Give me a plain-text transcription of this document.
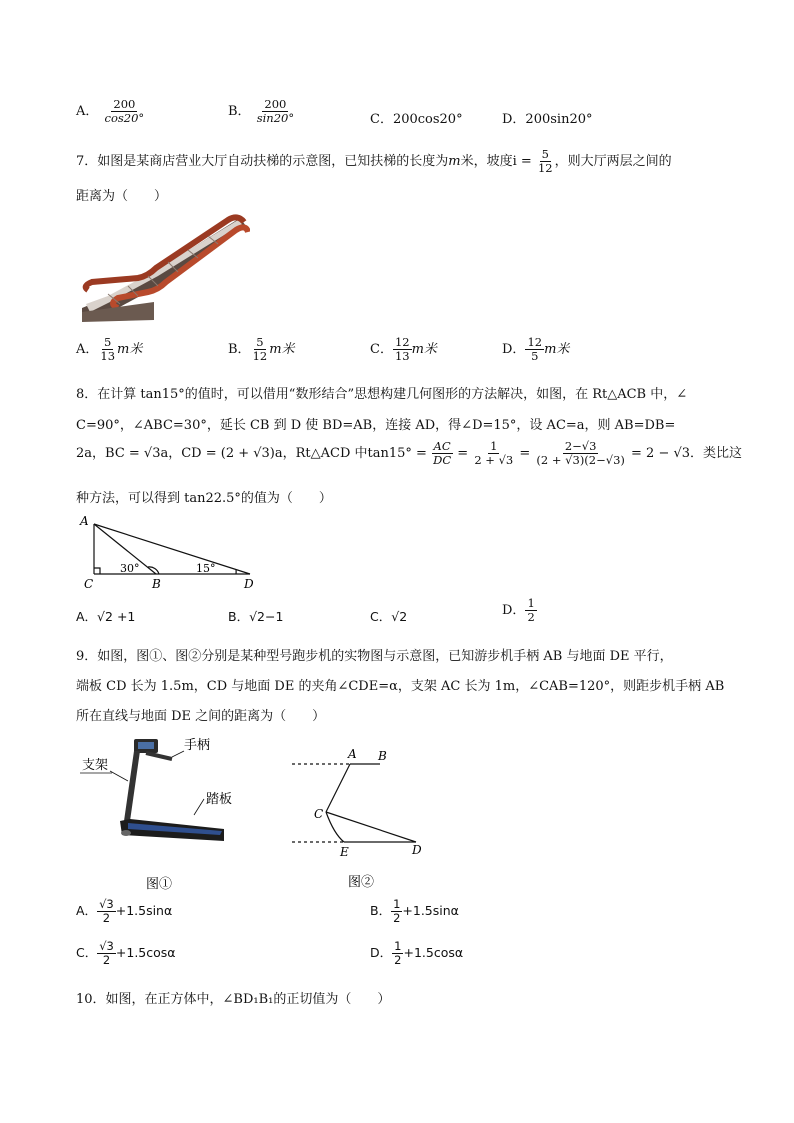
A． $\frac{200}{\cos 20^\circ}$	B． $\frac{200}{\sin 20^\circ}$	C．200cos20°	D．200sin20°
7．如图是某商店营业大厅自动扶梯的示意图，已知扶梯的长度为m米，坡度$i = \frac{5}{12}$ ，则大厅两层之间的
距离为（　　）
A． $\frac{5}{13}$ m米	B． $\frac{5}{12}$ m米	C． $\frac{12}{13}$ m米	D． $\frac{12}{5}$ m米
8．在计算 tan15°的值时，可以借用“数形结合”思想构建几何图形的方法解决，如图，在 Rt△ACB 中，∠
C=90°，∠ABC=30°，延长 CB 到 D 使 BD=AB，连接 AD，得∠D=15°，设 AC=a，则 AB=DB=
2a，BC = √3a，CD = (2 + √3)a，Rt△ACD 中$\tan 15^\circ = \frac{AC}{DC} = \frac{1}{2 + √3} = \frac{2-√3}{(2 + √3)(2-√3)} = 2 - √3$．类比这
种方法，可以得到 tan22.5°的值为（　　）
A
C	B	D
30°	15°
A．√2 +1	B．√2−1	C．√2	D． $\frac{1}{2}$
9．如图，图①、图②分别是某种型号跑步机的实物图与示意图，已知游步机手柄 AB 与地面 DE 平行，
端板 CD 长为 1.5m，CD 与地面 DE 的夹角∠CDE=α，支架 AC 长为 1m，∠CAB=120°，则距步机手柄 AB
所在直线与地面 DE 之间的距离为（　　）
支架
手柄
踏板
图①
A B
C
E	D
图②
A． $\frac{√3}{2} +1.5\sin\alpha$	B． $\frac{1}{2} +1.5\sin\alpha$
C． $\frac{√3}{2} +1.5\cos\alpha$	D． $\frac{1}{2} +1.5\cos\alpha$
10．如图，在正方体中，∠BD₁B₁的正切值为（　　）
